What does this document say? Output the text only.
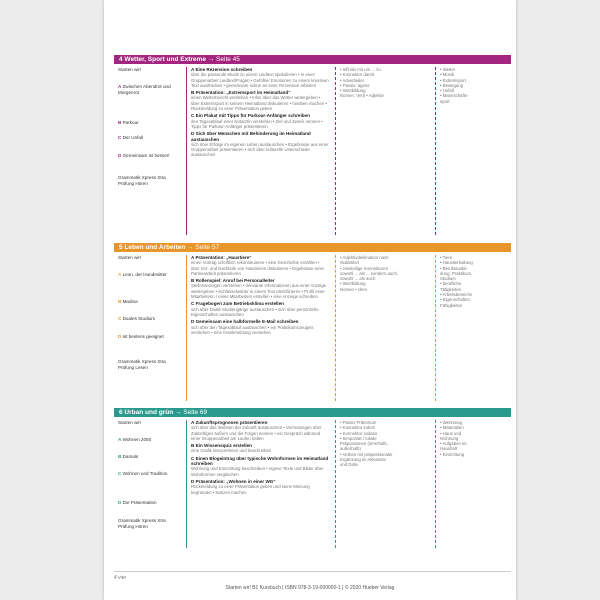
4 Wetter, Sport und Extreme → Seite 45
Starten wir!
A Zwischen Abendrot und Morgenrot
B Parkour
C Der Unfall
D Gemeinsam ist besser!
Grammatik Xpress Xtra Prüfung Hören
A Eine Rezension schreiben
über die passende Musik zu einem Liedtext spekulieren • In einer Gruppenarbeit Liedtext/Fragen • Gefühle/ Emotionen zu einem kreativen Text ausdrücken • gemeinsam online an einer Rezension arbeiten
B Präsentation: „Extremsport im Heimatland“
einen Wetterbericht verstehen • Infos über das Wetter weitergeben • über Extremsport in seinem Heimatland diskutieren • hinüben machen • Rückmeldung zu einer Präsentation geben
C Ein Plakat mit Tipps für Parkour-Anfänger schreiben
den Tagesablauf einer Notarztin verstehen • Ziel und Zweck nennen • Tipps für Parkour-Anfänger präsentieren
D Sich über Menschen mit Behinderung im Heimatland austauschen
sich über Erfolge im eigenen Leben austauschen • Ergebnisse aus einer Gruppenarbeit präsentieren • sich über kulturelle Unterschiede austauschen
• Infinitiv mit um ... zu
• Konnektor damit
• Adverbialer
• Passiv: agens
• Wortbildung
Nomen, Verb • Adjektiv
• Wetter
• Musik
• Extremsport
• Bewegung
• Unfall
• Mannschafts-
sport
5 Leben und Arbeiten → Seite 57
Starten wir!
A Leon, der Hundesitter
B Madina
C Duales Studium
D Ist bestens geeignet
Grammatik Xpress Xtra Prüfung Lesen
A Präsentation: „Haustiere“
einen Vortrag schriftlich rekonstruieren • eine Geschichte erzählen • über Vor- und Nachteile von Haustieren diskutieren • Ergebnisse einer Partnerarbeit präsentieren
B Rollenspiel: Anruf bei Personalleiter
Stellenanzeigen verstehen • relevante Informationen aus einer Anzeige weitergeben • Schlüsselwörter in einem Text identifizieren • Profil einer Mitarbeiterin / eines Mitarbeiters erstellen • eine Anzeige schreiben
C Fragebogen zum Betriebsklima erstellen
sich über Duale Studiengänge austauschen • sich über persönliche Eigenschaften austauschen
D Gemeinsam eine halbformelle E-Mail schreiben
sich über den Tagesablauf austauschen • ein Praktikumszeugnis verstehen • eine Krankmeldung verstehen
• Adjektivdeklination nach
Nullartikel
• zweiteilige Konnektoren
sowohl ... als ... sondern auch,
sowohl ... als auch
• Wortbildung
Nomen • chen
• Tiere
• Haustierhaltung
• Berufsausbil-
dung, Praktikum,
Studium
• berufliche
Tätigkeiten
• Arbeitsbereiche
• Eigenschaften,
Fähigkeiten
6 Urban und grün → Seite 69
Starten wir!
A Wohnen 2050
B Damals
C Wohnen und Tradition
D Die Präsentation
Grammatik Xpress Xtra Prüfung Hören
A Zukunftsprognosen präsentieren
sich über das Wohnen der Zukunft austauschen • Vermutungen über Zukünftiges äußern und die Folgen nennen • ein Gespräch während einer Gruppenarbeit am Laufen halten
B Ein Wissensquiz erstellen
eine Grafik interpretieren und beschreiben
C Einen Blogeintrag über typische Wohnformen im Heimatland schreiben
Wohnung und Einrichtung beschreiben • eigene Texte und Bilder über Wohnformen vergleichen
D Präsentation: „Wohnen in einer WG“
Rückmeldung zu einer Präsentation geben und seine Meinung begründen • Notizen machen
• Passiv Präteritum
• Konnektor indem
• Konnektor sodass
• temporale / lokale
Präpositionen (innerhalb,
außerhalb)
• Verben mit präpositionaler
Ergänzung im Akkusativ
und Dativ
• Werkzeug
• Materialien
• Haus und
Wohnung
• Aufgaben im
Haushalt
• Einrichtung
4 vier
Starten wir! B1 Kursbuch | ISBN 978-3-19-000000-1 | © 2020 Hueber Verlag
